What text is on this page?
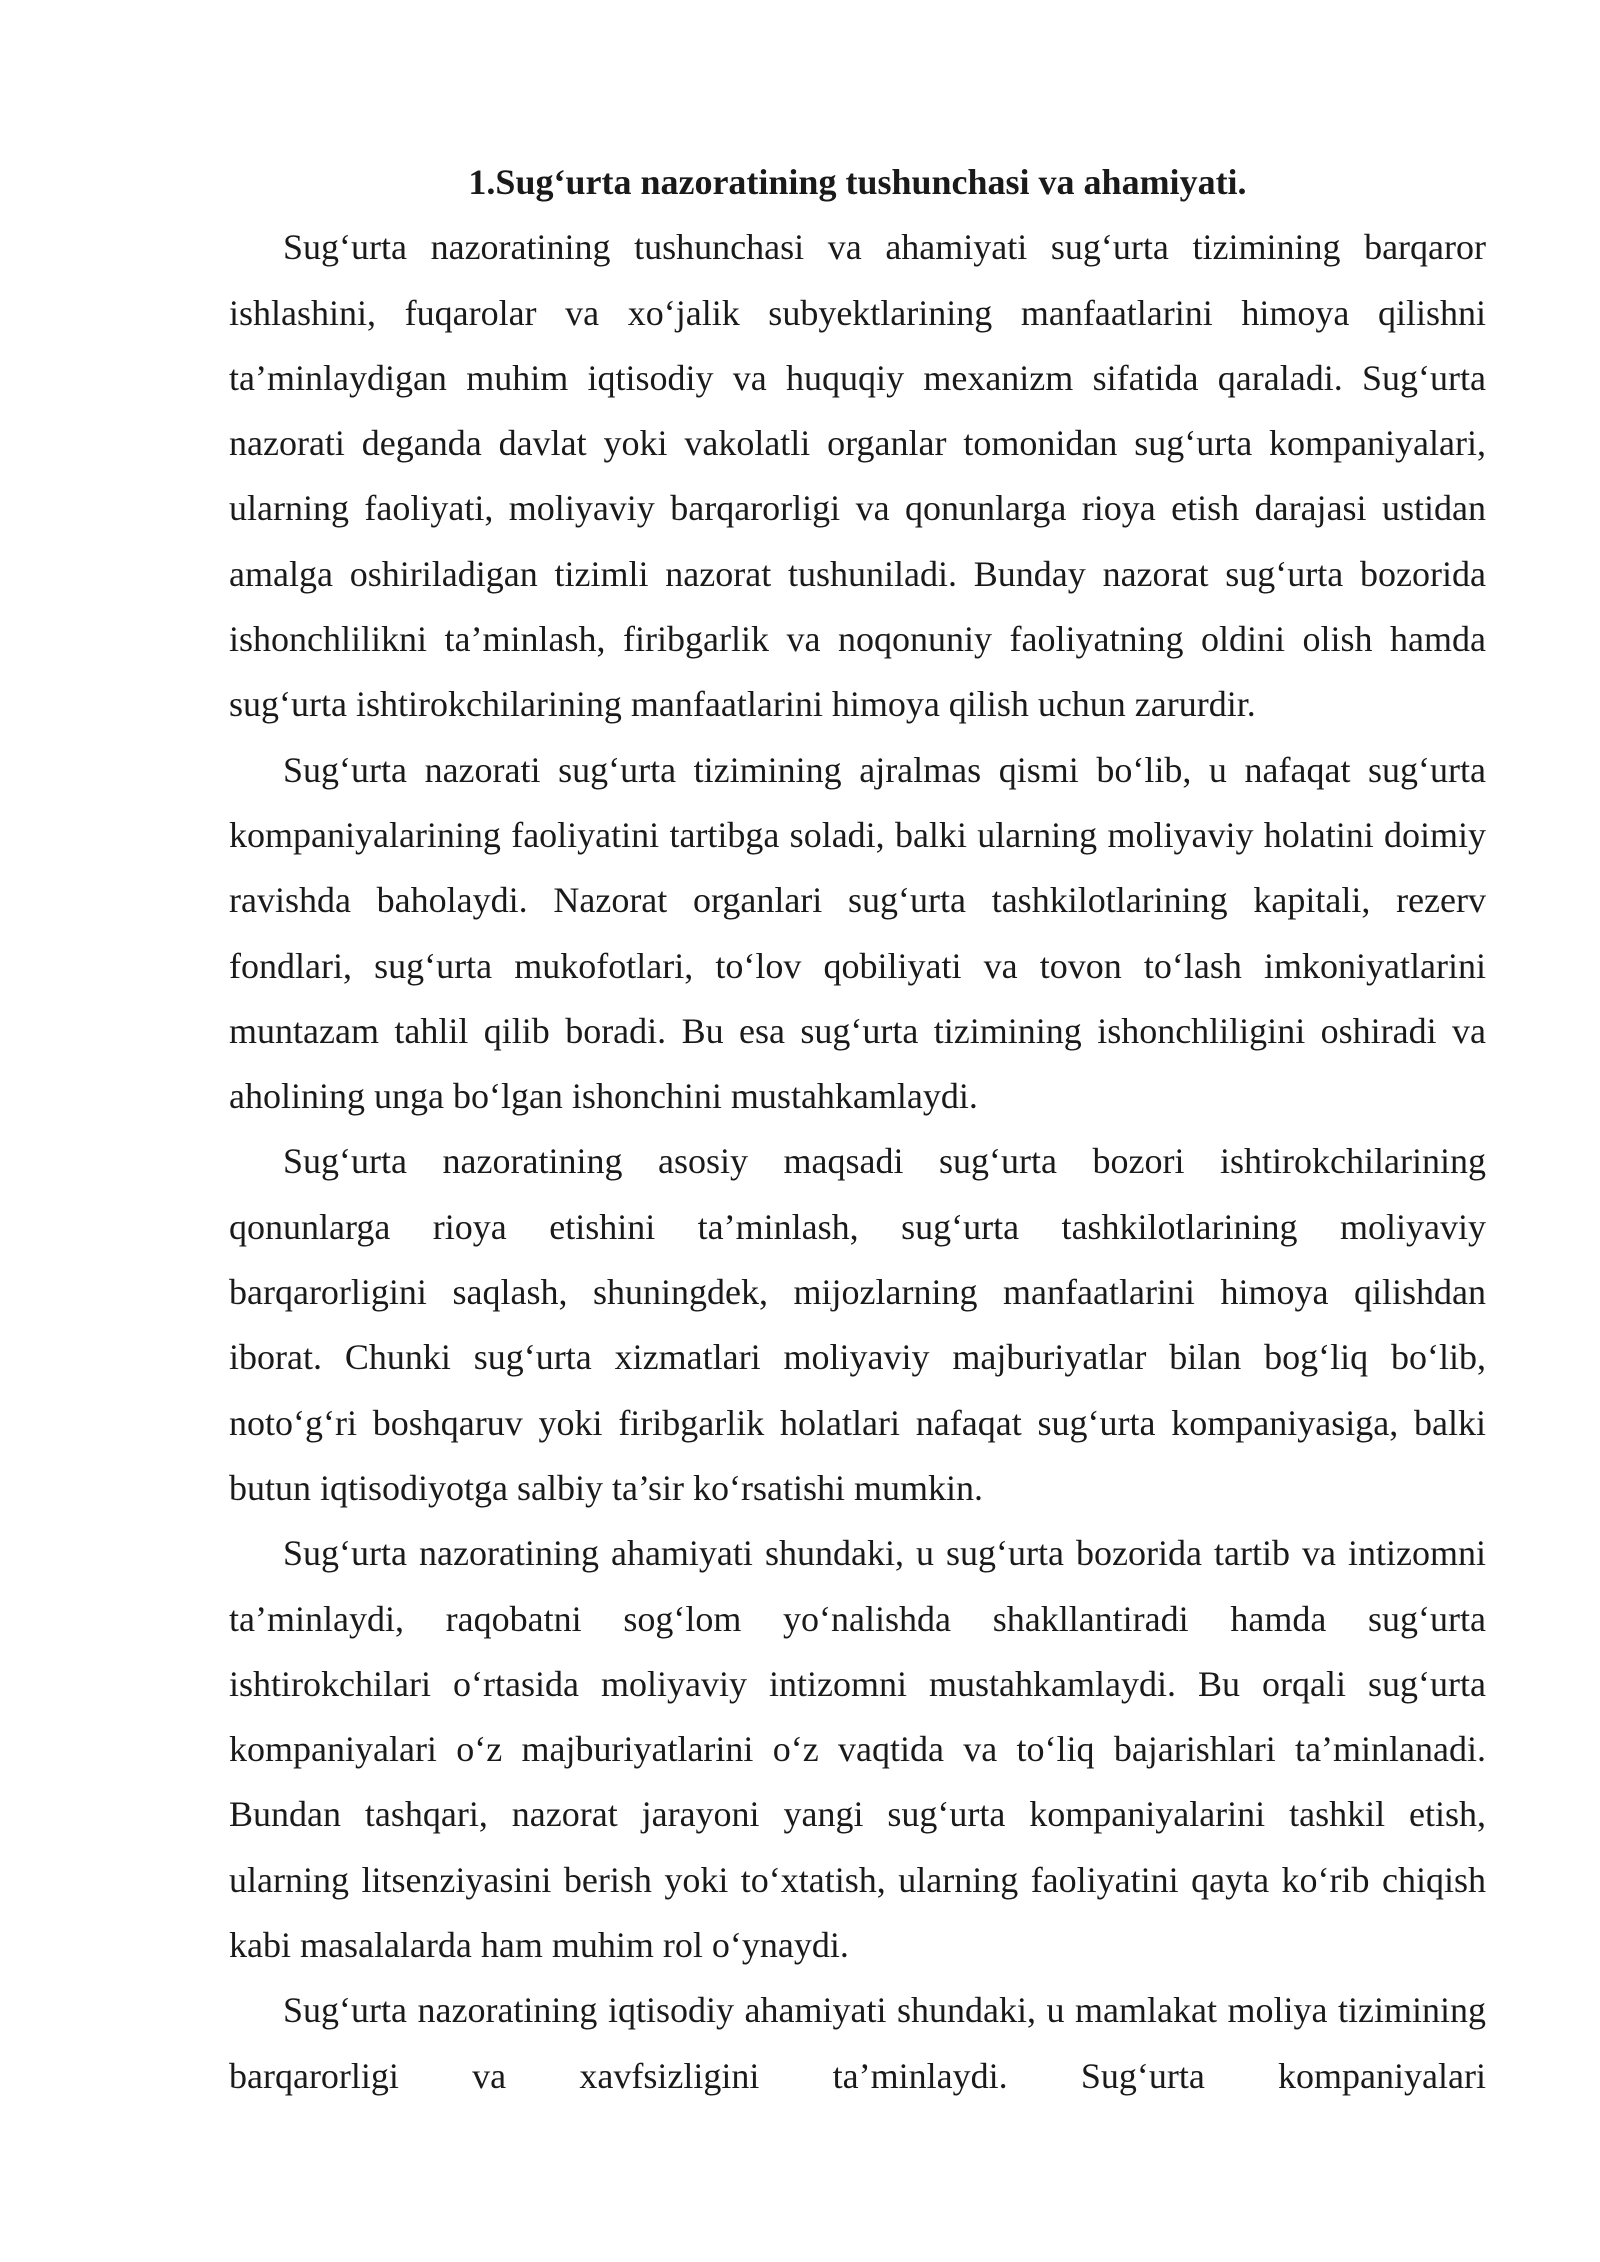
1.Sug‘urta nazoratining tushunchasi va ahamiyati.

Sug‘urta nazoratining tushunchasi va ahamiyati sug‘urta tizimining barqaror ishlashini, fuqarolar va xo‘jalik subyektlarining manfaatlarini himoya qilishni ta’minlaydigan muhim iqtisodiy va huquqiy mexanizm sifatida qaraladi. Sug‘urta nazorati deganda davlat yoki vakolatli organlar tomonidan sug‘urta kompaniyalari, ularning faoliyati, moliyaviy barqarorligi va qonunlarga rioya etish darajasi ustidan amalga oshiriladigan tizimli nazorat tushuniladi. Bunday nazorat sug‘urta bozorida ishonchlilikni ta’minlash, firibgarlik va noqonuniy faoliyatning oldini olish hamda sug‘urta ishtirokchilarining manfaatlarini himoya qilish uchun zarurdir.

Sug‘urta nazorati sug‘urta tizimining ajralmas qismi bo‘lib, u nafaqat sug‘urta kompaniyalarining faoliyatini tartibga soladi, balki ularning moliyaviy holatini doimiy ravishda baholaydi. Nazorat organlari sug‘urta tashkilotlarining kapitali, rezerv fondlari, sug‘urta mukofotlari, to‘lov qobiliyati va tovon to‘lash imkoniyatlarini muntazam tahlil qilib boradi. Bu esa sug‘urta tizimining ishonchliligini oshiradi va aholining unga bo‘lgan ishonchini mustahkamlaydi.

Sug‘urta nazoratining asosiy maqsadi sug‘urta bozori ishtirokchilarining qonunlarga rioya etishini ta’minlash, sug‘urta tashkilotlarining moliyaviy barqarorligini saqlash, shuningdek, mijozlarning manfaatlarini himoya qilishdan iborat. Chunki sug‘urta xizmatlari moliyaviy majburiyatlar bilan bog‘liq bo‘lib, noto‘g‘ri boshqaruv yoki firibgarlik holatlari nafaqat sug‘urta kompaniyasiga, balki butun iqtisodiyotga salbiy ta’sir ko‘rsatishi mumkin.

Sug‘urta nazoratining ahamiyati shundaki, u sug‘urta bozorida tartib va intizomni ta’minlaydi, raqobatni sog‘lom yo‘nalishda shakllantiradi hamda sug‘urta ishtirokchilari o‘rtasida moliyaviy intizomni mustahkamlaydi. Bu orqali sug‘urta kompaniyalari o‘z majburiyatlarini o‘z vaqtida va to‘liq bajarishlari ta’minlanadi. Bundan tashqari, nazorat jarayoni yangi sug‘urta kompaniyalarini tashkil etish, ularning litsenziyasini berish yoki to‘xtatish, ularning faoliyatini qayta ko‘rib chiqish kabi masalalarda ham muhim rol o‘ynaydi.

Sug‘urta nazoratining iqtisodiy ahamiyati shundaki, u mamlakat moliya tizimining barqarorligi va xavfsizligini ta’minlaydi. Sug‘urta kompaniyalari
